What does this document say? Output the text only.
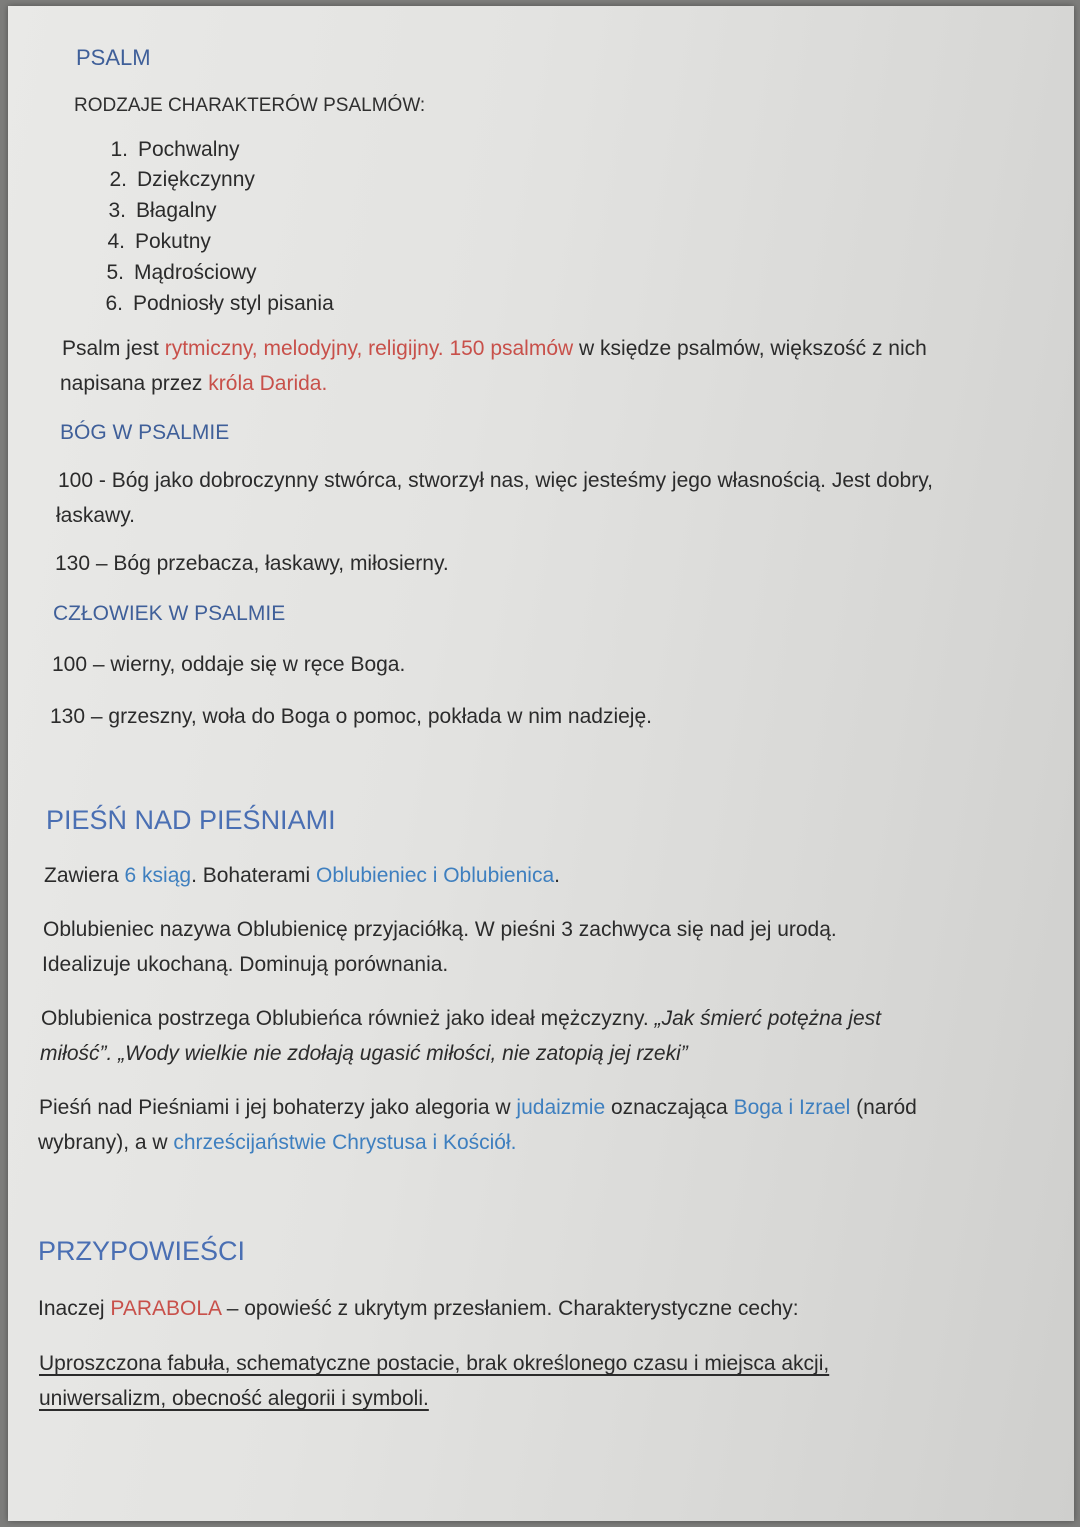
PSALM
RODZAJE CHARAKTERÓW PSALMÓW:
1. Pochwalny
2. Dziękczynny
3. Błagalny
4. Pokutny
5. Mądrościowy
6. Podniosły styl pisania
Psalm jest rytmiczny, melodyjny, religijny. 150 psalmów w księdze psalmów, większość z nich
napisana przez króla Darida.
BÓG W PSALMIE
100 - Bóg jako dobroczynny stwórca, stworzył nas, więc jesteśmy jego własnością. Jest dobry,
łaskawy.
130 – Bóg przebacza, łaskawy, miłosierny.
CZŁOWIEK W PSALMIE
100 – wierny, oddaje się w ręce Boga.
130 – grzeszny, woła do Boga o pomoc, pokłada w nim nadzieję.
PIEŚŃ NAD PIEŚNIAMI
Zawiera 6 ksiąg. Bohaterami Oblubieniec i Oblubienica.
Oblubieniec nazywa Oblubienicę przyjaciółką. W pieśni 3 zachwyca się nad jej urodą.
Idealizuje ukochaną. Dominują porównania.
Oblubienica postrzega Oblubieńca również jako ideał mężczyzny. „Jak śmierć potężna jest
miłość”. „Wody wielkie nie zdołają ugasić miłości, nie zatopią jej rzeki”
Pieśń nad Pieśniami i jej bohaterzy jako alegoria w judaizmie oznaczająca Boga i Izrael (naród
wybrany), a w chrześcijaństwie Chrystusa i Kościół.
PRZYPOWIEŚCI
Inaczej PARABOLA – opowieść z ukrytym przesłaniem. Charakterystyczne cechy:
Uproszczona fabuła, schematyczne postacie, brak określonego czasu i miejsca akcji,
uniwersalizm, obecność alegorii i symboli.
